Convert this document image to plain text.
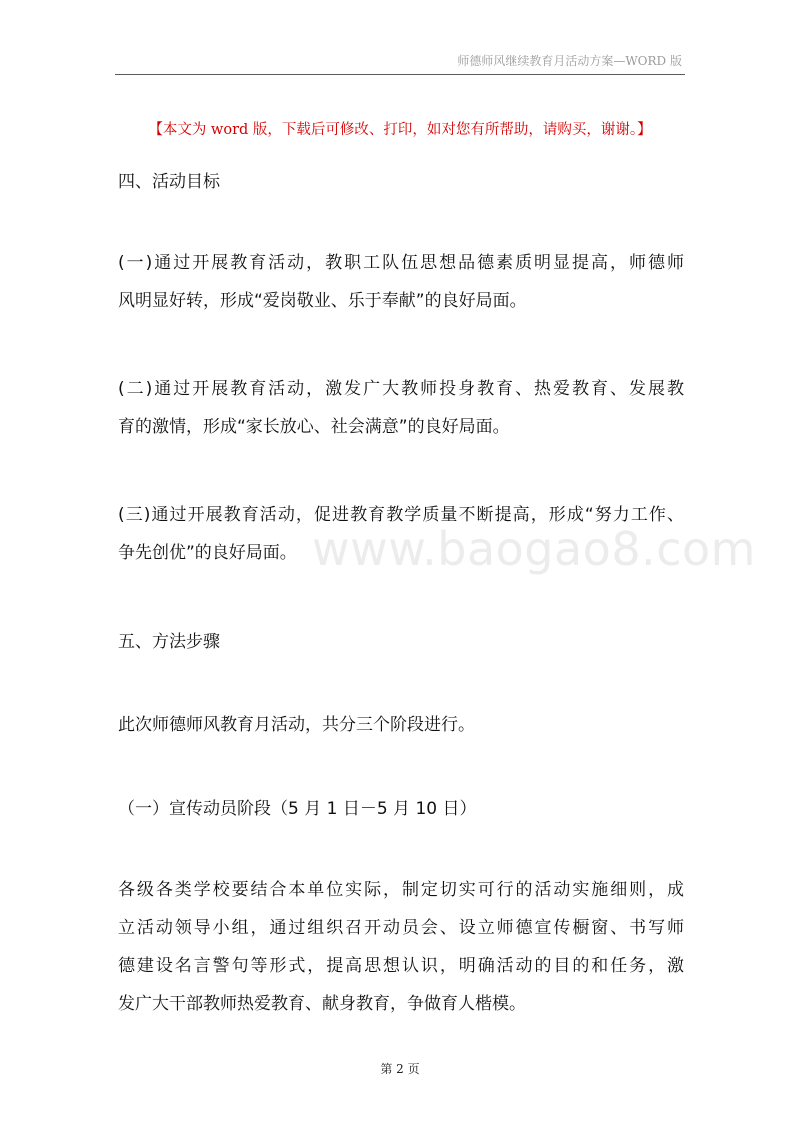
师德师风继续教育月活动方案—WORD 版
【本文为 word 版，下载后可修改、打印，如对您有所帮助，请购买，谢谢。】
www.baogao8.com
四、活动目标
(一)通过开展教育活动，教职工队伍思想品德素质明显提高，师德师
风明显好转，形成“爱岗敬业、乐于奉献”的良好局面。
(二)通过开展教育活动，激发广大教师投身教育、热爱教育、发展教
育的激情，形成“家长放心、社会满意”的良好局面。
(三)通过开展教育活动，促进教育教学质量不断提高，形成“努力工作、
争先创优”的良好局面。
五、方法步骤
此次师德师风教育月活动，共分三个阶段进行。
（一）宣传动员阶段（5 月 1 日－5 月 10 日）
各级各类学校要结合本单位实际，制定切实可行的活动实施细则，成
立活动领导小组，通过组织召开动员会、设立师德宣传橱窗、书写师
德建设名言警句等形式，提高思想认识，明确活动的目的和任务，激
发广大干部教师热爱教育、献身教育，争做育人楷模。
第 2 页
